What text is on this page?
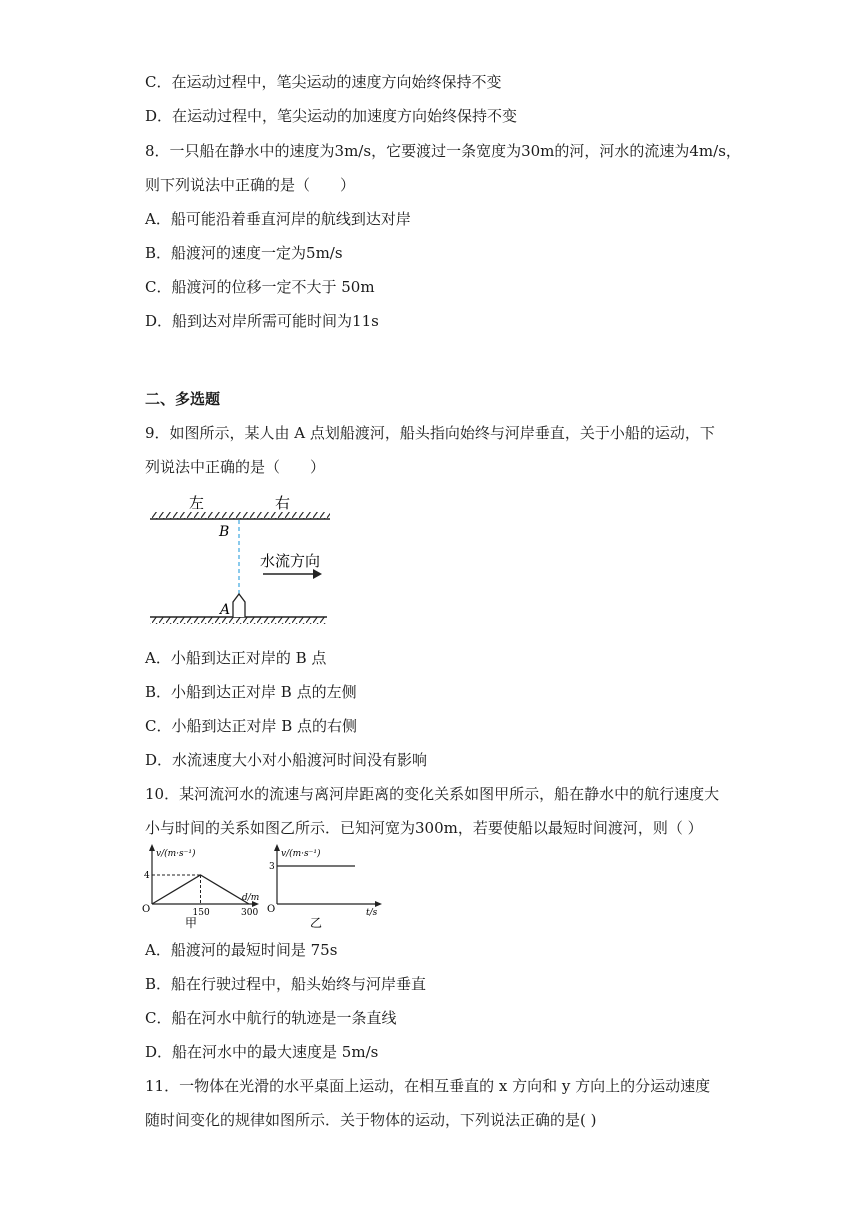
C．在运动过程中，笔尖运动的速度方向始终保持不变
D．在运动过程中，笔尖运动的加速度方向始终保持不变
8．一只船在静水中的速度为3m/s，它要渡过一条宽度为30m的河，河水的流速为4m/s，
则下列说法中正确的是（　　）
A．船可能沿着垂直河岸的航线到达对岸
B．船渡河的速度一定为5m/s
C．船渡河的位移一定不大于 50m
D．船到达对岸所需可能时间为11s
二、多选题
9．如图所示，某人由 A 点划船渡河，船头指向始终与河岸垂直，关于小船的运动，下
列说法中正确的是（　　）
左	右
B
A
水流方向
A．小船到达正对岸的 B 点
B．小船到达正对岸 B 点的左侧
C．小船到达正对岸 B 点的右侧
D．水流速度大小对小船渡河时间没有影响
10．某河流河水的流速与离河岸距离的变化关系如图甲所示，船在静水中的航行速度大
小与时间的关系如图乙所示．已知河宽为300m，若要使船以最短时间渡河，则（ ）
v/(m·s⁻¹)
4
d/m
O	150	300
甲
v/(m·s⁻¹)
3
O	t/s
乙
A．船渡河的最短时间是 75s
B．船在行驶过程中，船头始终与河岸垂直
C．船在河水中航行的轨迹是一条直线
D．船在河水中的最大速度是 5m/s
11．一物体在光滑的水平桌面上运动，在相互垂直的 x 方向和 y 方向上的分运动速度
随时间变化的规律如图所示．关于物体的运动，下列说法正确的是( )
